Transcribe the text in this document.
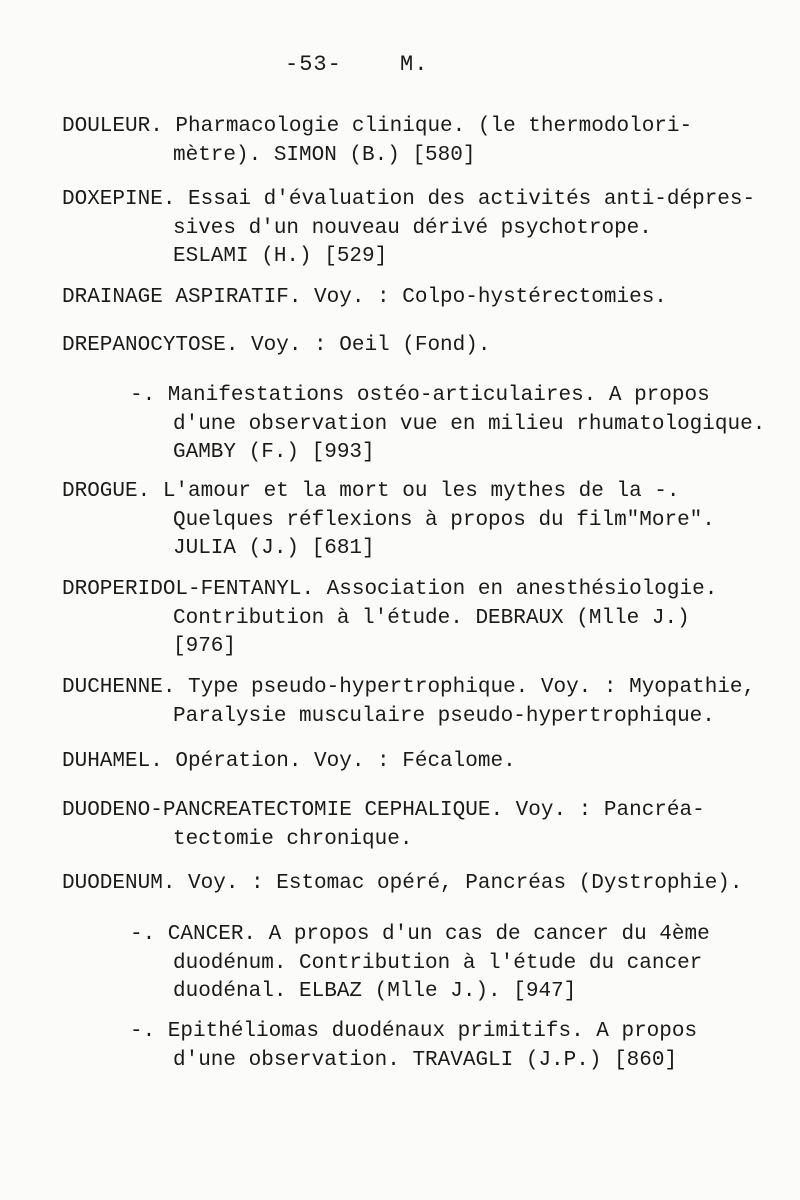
-53-	M.
DOULEUR. Pharmacologie clinique. (le thermodolori-
mètre). SIMON (B.) [580]
DOXEPINE. Essai d'évaluation des activités anti-dépres-
sives d'un nouveau dérivé psychotrope.
ESLAMI (H.) [529]
DRAINAGE ASPIRATIF. Voy. : Colpo-hystérectomies.
DREPANOCYTOSE. Voy. : Oeil (Fond).
-. Manifestations ostéo-articulaires. A propos
d'une observation vue en milieu rhumatologique.
GAMBY (F.) [993]
DROGUE. L'amour et la mort ou les mythes de la -.
Quelques réflexions à propos du film"More".
JULIA (J.) [681]
DROPERIDOL-FENTANYL. Association en anesthésiologie.
Contribution à l'étude. DEBRAUX (Mlle J.)
[976]
DUCHENNE. Type pseudo-hypertrophique. Voy. : Myopathie,
Paralysie musculaire pseudo-hypertrophique.
DUHAMEL. Opération. Voy. : Fécalome.
DUODENO-PANCREATECTOMIE CEPHALIQUE. Voy. : Pancréa-
tectomie chronique.
DUODENUM. Voy. : Estomac opéré, Pancréas (Dystrophie).
-. CANCER. A propos d'un cas de cancer du 4ème
duodénum. Contribution à l'étude du cancer
duodénal. ELBAZ (Mlle J.). [947]
-. Epithéliomas duodénaux primitifs. A propos
d'une observation. TRAVAGLI (J.P.) [860]
